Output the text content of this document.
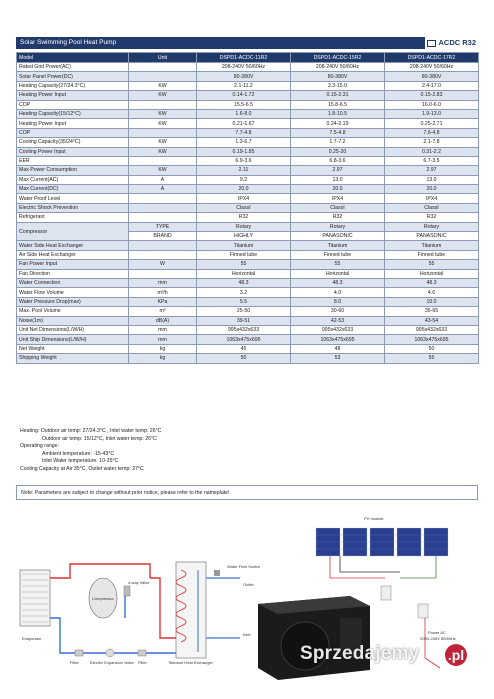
Solar Swimming Pool Heat Pump	ACDC R32
Model	Unit	DSPD1-ACDC-11R2	DSPD1-ACDC-15R2	DSPD1-ACDC-17R2
Rated Grid Power(AC)		208-240V 50/60Hz	208-240V 50/60Hz	208-240V 50/60Hz
Solar Panel Power(DC)		80-380V	80-380V	80-380V
Heating Capacity(27/24.3°C)	KW	2.1-11.2	2.3-15.0	2.4-17.0
Heating Power Input	KW	0.14-1.72	0.15-2.31	0.15-2.83
COP		15.5-6.5	15.8-6.5	16.0-6.0
Heating Capacity(15/12°C)	KW	1.6-8.0	1.8-10.5	1.9-13.0
Heating Power Input	KW	0.21-1.67	0.24-2.19	0.25-2.71
COP		7.7-4.8	7.5-4.8	7.6-4.8
Cooling Capacity(35/24°C)	KW	1.3-6.7	1.7-7.2	2.1-7.8
Cooling Power Input	KW	0.19-1.85	0.25-20	0.31-2.2
EER		6.9-3.6	6.8-3.6	6.7-3.5
Max Power Consumption	KW	2.11	2.97	2.97
Max Current(AC)	A	9.2	13.0	13.0
Max Current(DC)	A	20.0	20.0	20.0
Water Proof Level		IPX4	IPX4	IPX4
Electric Shock Prevention		ClassI	ClassI	ClassI
Refrigerant		R32	R32	R32
Compressor	TYPE	Rotary	Rotary	Rotary
	BRAND	HIGHLY	PANASONIC	PANASONIC
Water Side Heat Exchanger		Titanium	Titanium	Titanium
Air Side Heat Exchanger		Finned tube	Finned tube	Finned tube
Fan Power Input	W	55	55	55
Fan Direction		Horizontal	Horizontal	Horizontal
Water Connection	mm	48.3	48.3	48.3
Water Flow Volume	m³/h	3.2	4.0	4.6
Water Pressure Drop(max)	KPa	5.5	8.0	10.0
Max. Pool Volume	m³	25-50	30-60	35-65
Noise(1m)	dB(A)	39-51	42-53	43-54
Unit Net Dimensions(L/W/H)	mm	995x432x633	995x432x633	995x432x633
Unit Ship Dimensions(L/W/H)	mm	1063x475x695	1063x475x695	1063x475x695
Net Weight	kg	45	48	50
Shipping Weight	kg	50	53	55
Heating: Outdoor air temp: 27/24.3°C , Inlet water temp: 26°C
Outdoor air temp: 15/12°C, Inlet water temp: 26°C
Operating range:
Ambient temperature: -15-43°C
Inlet Water temperature: 10-35°C
Cooling Capacity at Air 35°C, Outlet water temp: 27°C
Note: Parameters are subject to change without prior notice, please refer to the nameplate!
PV module
Water Flow Switch
Outlet
Inlet
Compressor
4-way Valve
Evaporator
Filter	Electric Expansion Valve Filter	Titanium Heat Exchanger
Power AC
208V-240V 50/60Hz
Sprzedajemy .pl
